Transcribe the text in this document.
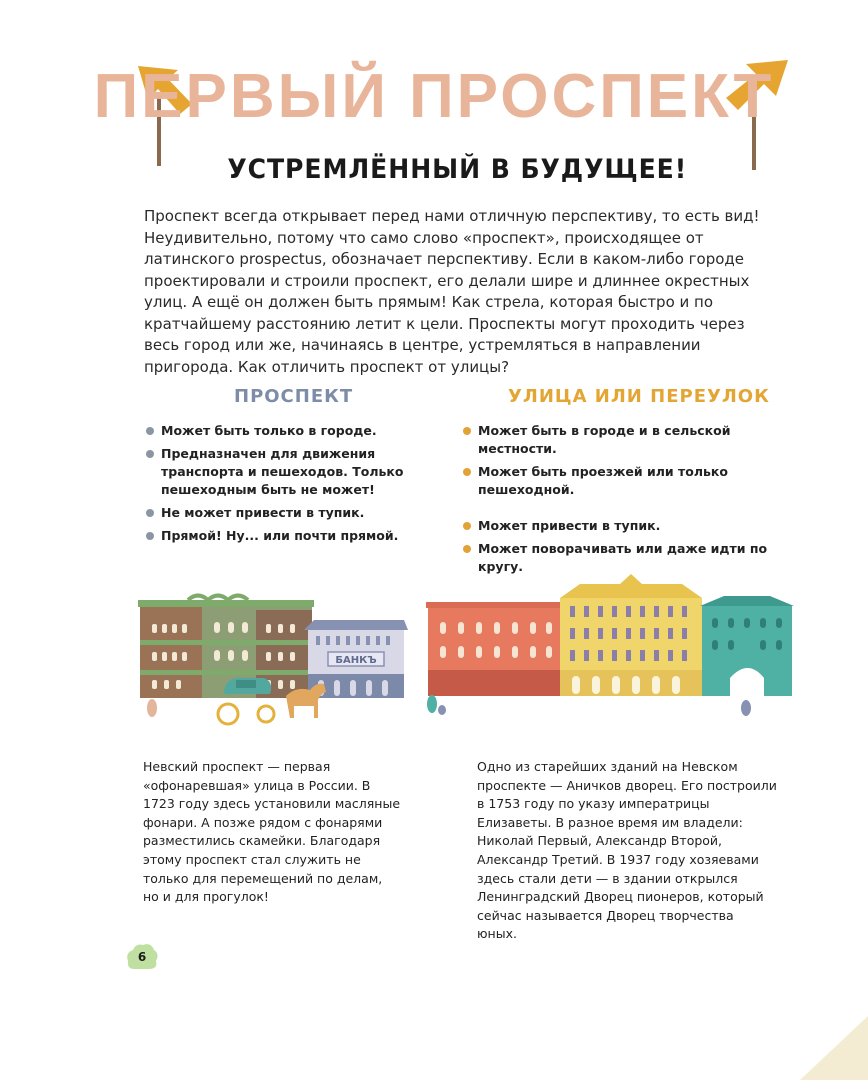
ПЕРВЫЙ ПРОСПЕКТ
УСТРЕМЛЁННЫЙ В БУДУЩЕЕ!
Проспект всегда открывает перед нами отличную перспективу, то есть вид! Неудивительно, потому что само слово «проспект», происходящее от латинского prospectus, обозначает перспективу. Если в каком-либо городе проектировали и строили проспект, его делали шире и длиннее окрестных улиц. А ещё он должен быть прямым! Как стрела, которая быстро и по кратчайшему расстоянию летит к цели. Проспекты могут проходить через весь город или же, начинаясь в центре, устремляться в направлении пригорода. Как отличить проспект от улицы?
ПРОСПЕКТ	УЛИЦА ИЛИ ПЕРЕУЛОК
Может быть только в городе.
Предназначен для движения транспорта и пешеходов. Только пешеходным быть не может!
Не может привести в тупик.
Прямой! Ну... или почти прямой.
Может быть в городе и в сельской местности.
Может быть проезжей или только пешеходной.
Может привести в тупик.
Может поворачивать или даже идти по кругу.
БАНКЪ
Невский проспект — первая «офонаревшая» улица в России. В 1723 году здесь установили масляные фонари. А позже рядом с фонарями разместились скамейки. Благодаря этому проспект стал служить не только для перемещений по делам, но и для прогулок!
Одно из старейших зданий на Невском проспекте — Аничков дворец. Его построили в 1753 году по указу императрицы Елизаветы. В разное время им владели: Николай Первый, Александр Второй, Александр Третий. В 1937 году хозяевами здесь стали дети — в здании открылся Ленинградский Дворец пионеров, который сейчас называется Дворец творчества юных.
6
